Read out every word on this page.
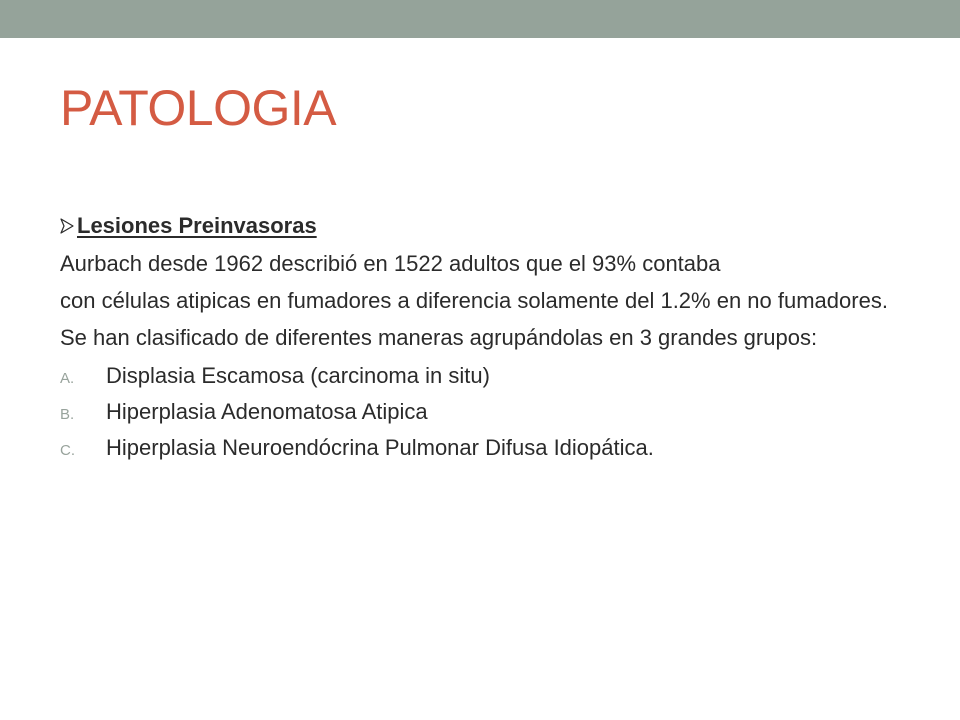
PATOLOGIA
Lesiones Preinvasoras

Aurbach desde 1962 describió en 1522 adultos que el 93% contaba

con células atipicas en fumadores a diferencia solamente del 1.2% en no fumadores.

Se han clasificado de diferentes maneras agrupándolas en 3 grandes grupos:

A.	Displasia Escamosa (carcinoma in situ)
B.	Hiperplasia Adenomatosa Atipica
C.	Hiperplasia Neuroendócrina Pulmonar Difusa Idiopática.
